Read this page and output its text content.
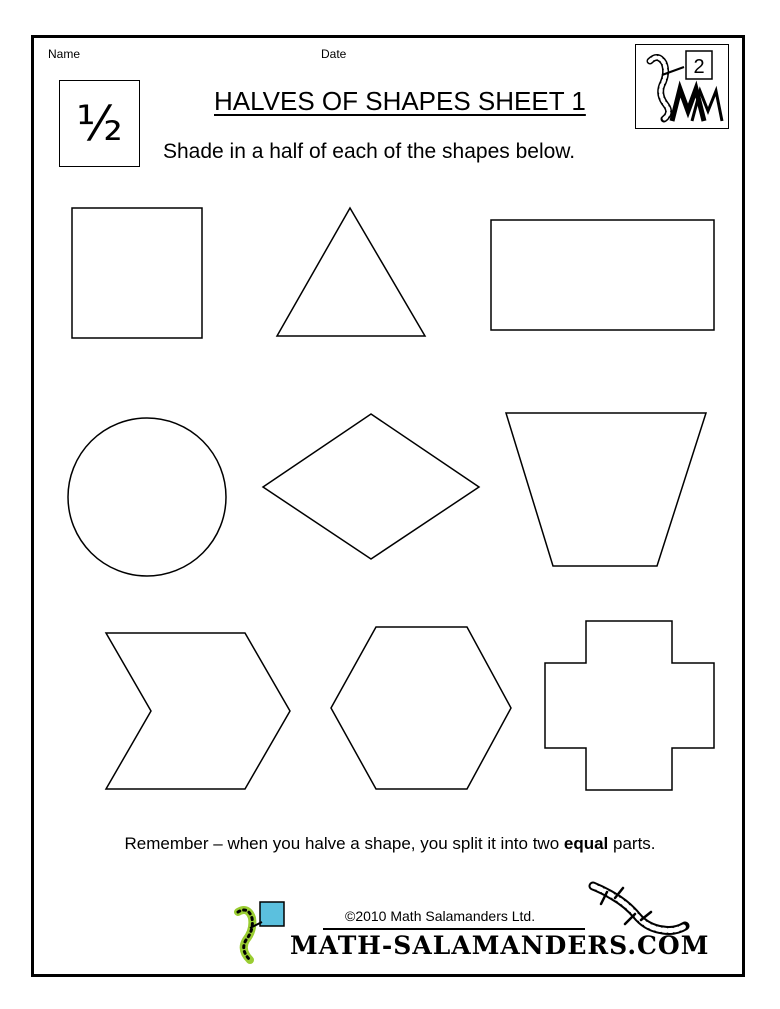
Name	Date
½	HALVES OF SHAPES SHEET 1
Shade in a half of each of the shapes below.
2
Remember – when you halve a shape, you split it into two equal parts.
©2010 Math Salamanders Ltd.
MATH-SALAMANDERS.COM
